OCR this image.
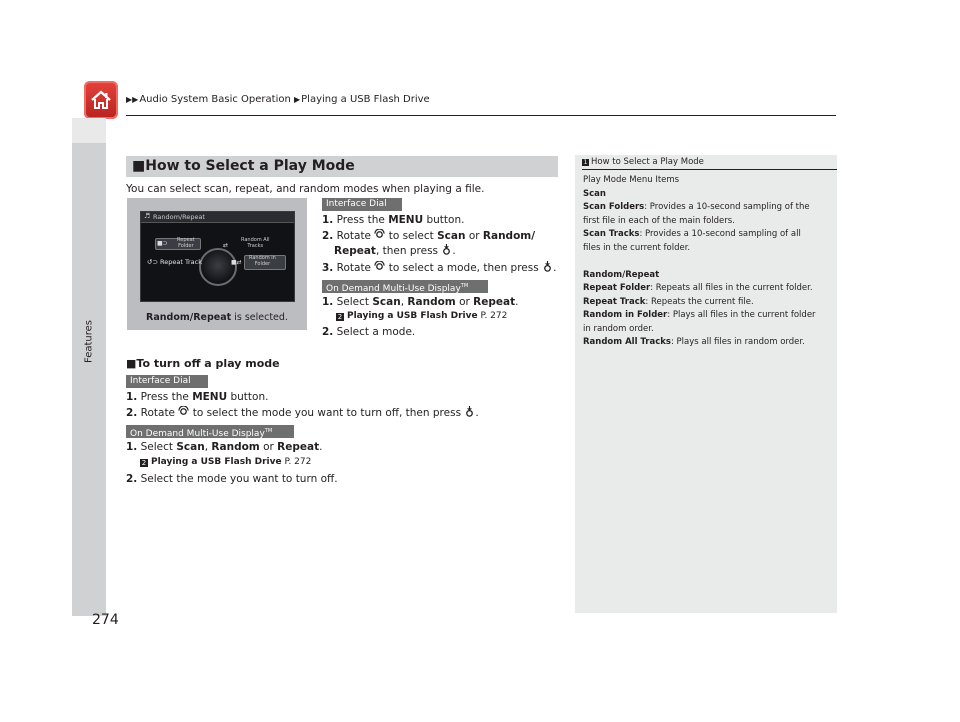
▶▶Audio System Basic Operation ▶Playing a USB Flash Drive
Features
■How to Select a Play Mode
You can select scan, repeat, and random modes when playing a file.
♬ Random/Repeat
■⊃ Repeat
Folder
↺⊃ Repeat Track
⇄
Random All
Tracks
■⇄
Random in
Folder
Random/Repeat is selected.
Interface Dial
1. Press the MENU button.
2. Rotate  to select Scan or Random/
Repeat, then press .
3. Rotate  to select a mode, then press .
On Demand Multi-Use Display™
1. Select Scan, Random or Repeat.
2 Playing a USB Flash Drive P. 272
2. Select a mode.
■To turn off a play mode
Interface Dial
1. Press the MENU button.
2. Rotate  to select the mode you want to turn off, then press .
On Demand Multi-Use Display™
1. Select Scan, Random or Repeat.
2 Playing a USB Flash Drive P. 272
2. Select the mode you want to turn off.
1 How to Select a Play Mode
Play Mode Menu Items
Scan
Scan Folders: Provides a 10-second sampling of the
first file in each of the main folders.
Scan Tracks: Provides a 10-second sampling of all
files in the current folder.
Random/Repeat
Repeat Folder: Repeats all files in the current folder.
Repeat Track: Repeats the current file.
Random in Folder: Plays all files in the current folder
in random order.
Random All Tracks: Plays all files in random order.
274
